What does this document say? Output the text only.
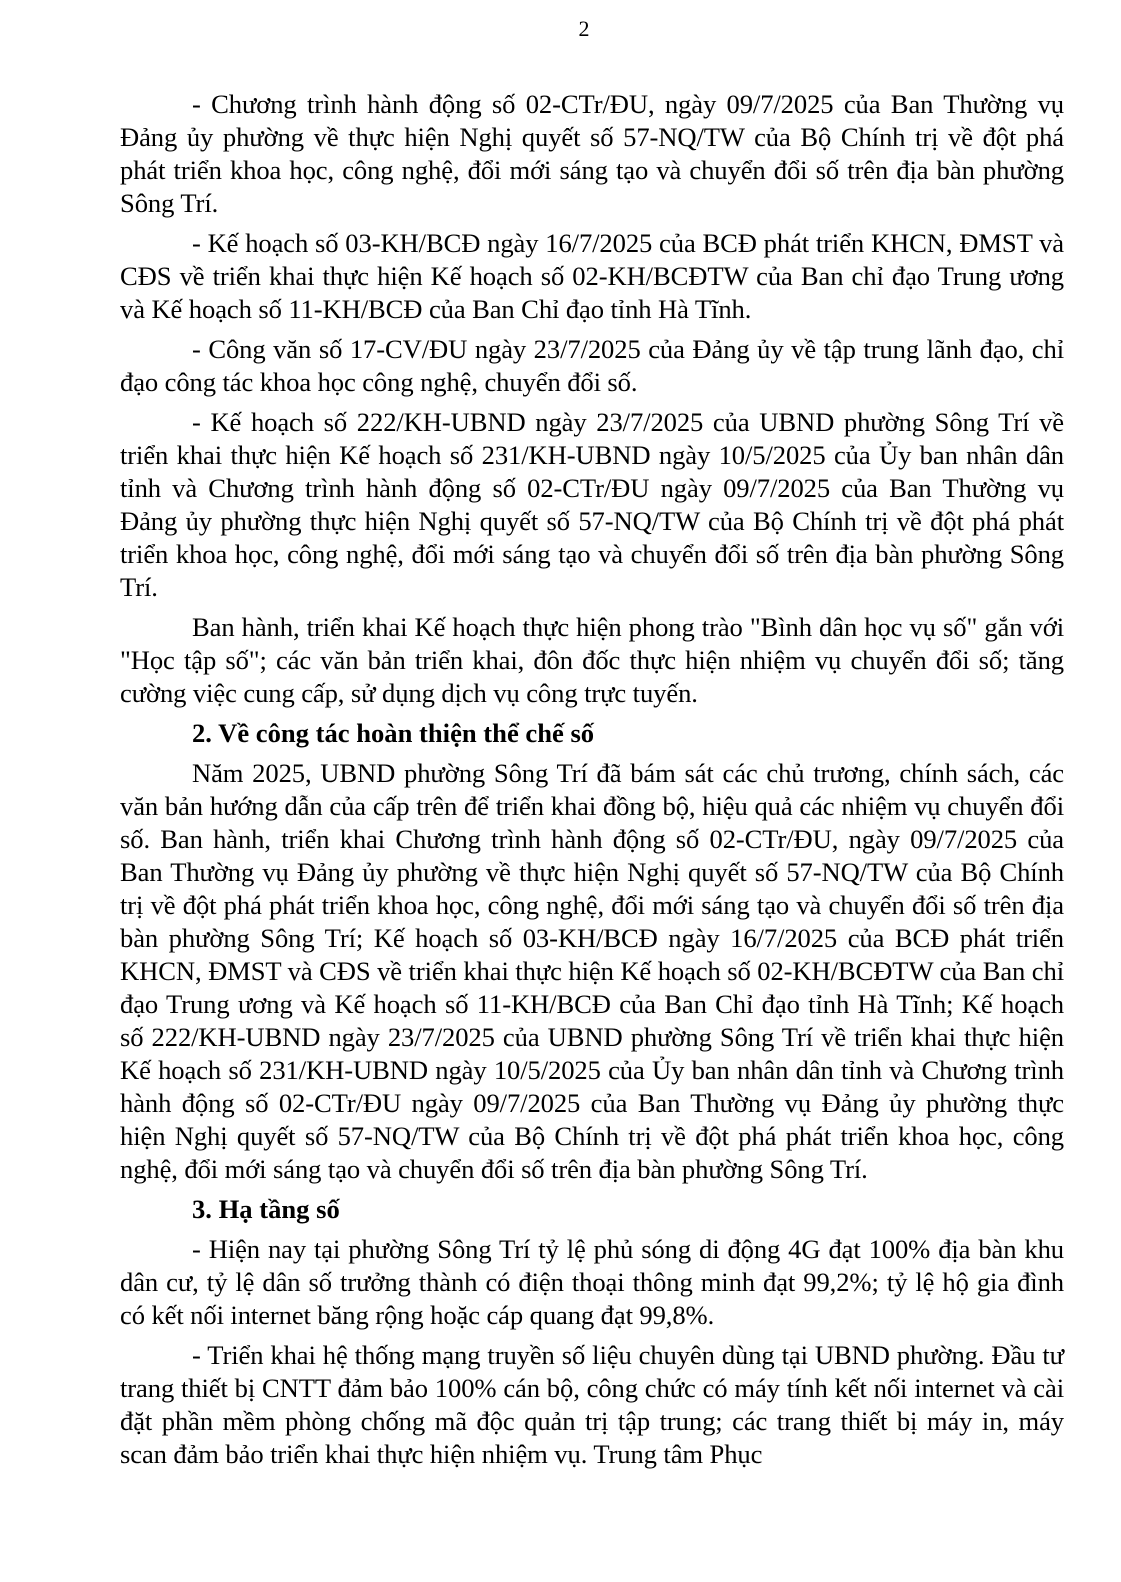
2

- Chương trình hành động số 02-CTr/ĐU, ngày 09/7/2025 của Ban Thường vụ Đảng ủy phường về thực hiện Nghị quyết số 57-NQ/TW của Bộ Chính trị về đột phá phát triển khoa học, công nghệ, đổi mới sáng tạo và chuyển đổi số trên địa bàn phường Sông Trí.

- Kế hoạch số 03-KH/BCĐ ngày 16/7/2025 của BCĐ phát triển KHCN, ĐMST và CĐS về triển khai thực hiện Kế hoạch số 02-KH/BCĐTW của Ban chỉ đạo Trung ương và Kế hoạch số 11-KH/BCĐ của Ban Chỉ đạo tỉnh Hà Tĩnh.

- Công văn số 17-CV/ĐU ngày 23/7/2025 của Đảng ủy về tập trung lãnh đạo, chỉ đạo công tác khoa học công nghệ, chuyển đổi số.

- Kế hoạch số 222/KH-UBND ngày 23/7/2025 của UBND phường Sông Trí về triển khai thực hiện Kế hoạch số 231/KH-UBND ngày 10/5/2025 của Ủy ban nhân dân tỉnh và Chương trình hành động số 02-CTr/ĐU ngày 09/7/2025 của Ban Thường vụ Đảng ủy phường thực hiện Nghị quyết số 57-NQ/TW của Bộ Chính trị về đột phá phát triển khoa học, công nghệ, đổi mới sáng tạo và chuyển đổi số trên địa bàn phường Sông Trí.

Ban hành, triển khai Kế hoạch thực hiện phong trào "Bình dân học vụ số" gắn với "Học tập số"; các văn bản triển khai, đôn đốc thực hiện nhiệm vụ chuyển đổi số; tăng cường việc cung cấp, sử dụng dịch vụ công trực tuyến.

2. Về công tác hoàn thiện thể chế số

Năm 2025, UBND phường Sông Trí đã bám sát các chủ trương, chính sách, các văn bản hướng dẫn của cấp trên để triển khai đồng bộ, hiệu quả các nhiệm vụ chuyển đổi số. Ban hành, triển khai Chương trình hành động số 02-CTr/ĐU, ngày 09/7/2025 của Ban Thường vụ Đảng ủy phường về thực hiện Nghị quyết số 57-NQ/TW của Bộ Chính trị về đột phá phát triển khoa học, công nghệ, đổi mới sáng tạo và chuyển đổi số trên địa bàn phường Sông Trí; Kế hoạch số 03-KH/BCĐ ngày 16/7/2025 của BCĐ phát triển KHCN, ĐMST và CĐS về triển khai thực hiện Kế hoạch số 02-KH/BCĐTW của Ban chỉ đạo Trung ương và Kế hoạch số 11-KH/BCĐ của Ban Chỉ đạo tỉnh Hà Tĩnh; Kế hoạch số 222/KH-UBND ngày 23/7/2025 của UBND phường Sông Trí về triển khai thực hiện Kế hoạch số 231/KH-UBND ngày 10/5/2025 của Ủy ban nhân dân tỉnh và Chương trình hành động số 02-CTr/ĐU ngày 09/7/2025 của Ban Thường vụ Đảng ủy phường thực hiện Nghị quyết số 57-NQ/TW của Bộ Chính trị về đột phá phát triển khoa học, công nghệ, đổi mới sáng tạo và chuyển đổi số trên địa bàn phường Sông Trí.

3. Hạ tầng số

- Hiện nay tại phường Sông Trí tỷ lệ phủ sóng di động 4G đạt 100% địa bàn khu dân cư, tỷ lệ dân số trưởng thành có điện thoại thông minh đạt 99,2%; tỷ lệ hộ gia đình có kết nối internet băng rộng hoặc cáp quang đạt 99,8%.

- Triển khai hệ thống mạng truyền số liệu chuyên dùng tại UBND phường. Đầu tư trang thiết bị CNTT đảm bảo 100% cán bộ, công chức có máy tính kết nối internet và cài đặt phần mềm phòng chống mã độc quản trị tập trung; các trang thiết bị máy in, máy scan đảm bảo triển khai thực hiện nhiệm vụ. Trung tâm Phục
